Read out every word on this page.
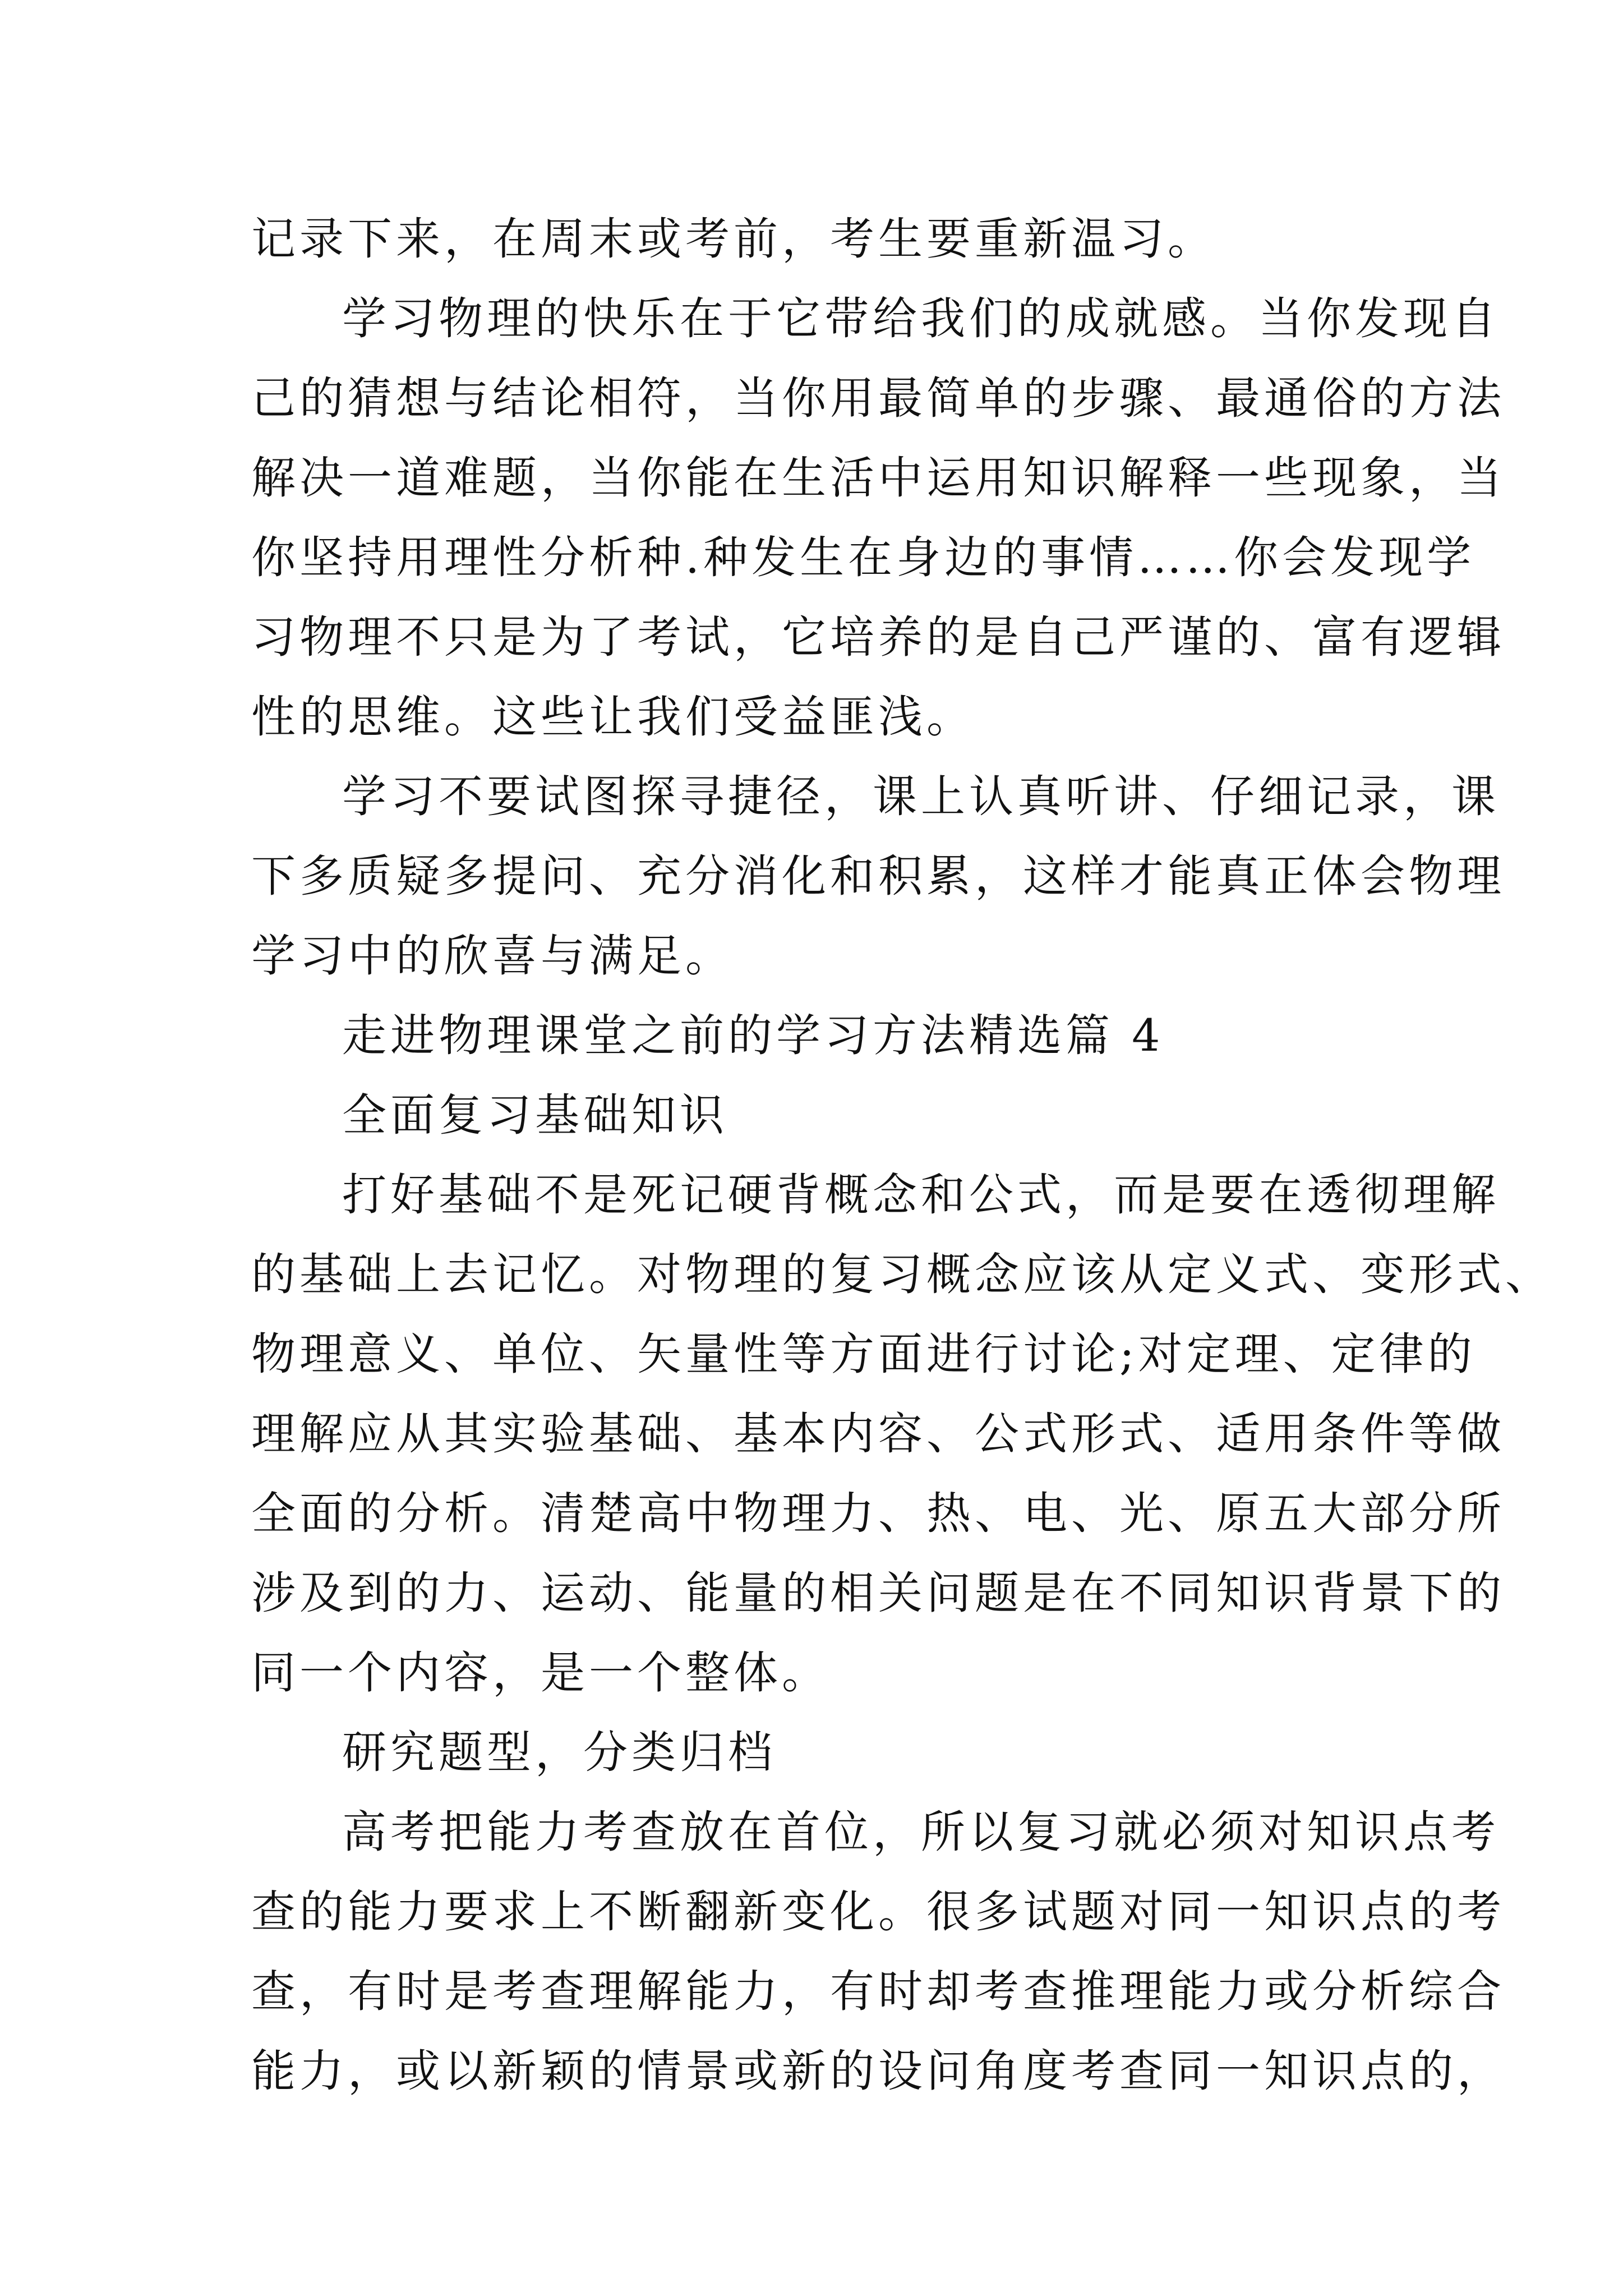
记录下来，在周末或考前，考生要重新温习。
学习物理的快乐在于它带给我们的成就感。当你发现自
己的猜想与结论相符，当你用最简单的步骤、最通俗的方法
解决一道难题，当你能在生活中运用知识解释一些现象，当
你坚持用理性分析种.种发生在身边的事情……你会发现学
习物理不只是为了考试，它培养的是自己严谨的、富有逻辑
性的思维。这些让我们受益匪浅。
学习不要试图探寻捷径，课上认真听讲、仔细记录，课
下多质疑多提问、充分消化和积累，这样才能真正体会物理
学习中的欣喜与满足。
走进物理课堂之前的学习方法精选篇 4
全面复习基础知识
打好基础不是死记硬背概念和公式，而是要在透彻理解
的基础上去记忆。对物理的复习概念应该从定义式、变形式、
物理意义、单位、矢量性等方面进行讨论;对定理、定律的
理解应从其实验基础、基本内容、公式形式、适用条件等做
全面的分析。清楚高中物理力、热、电、光、原五大部分所
涉及到的力、运动、能量的相关问题是在不同知识背景下的
同一个内容，是一个整体。
研究题型，分类归档
高考把能力考查放在首位，所以复习就必须对知识点考
查的能力要求上不断翻新变化。很多试题对同一知识点的考
查，有时是考查理解能力，有时却考查推理能力或分析综合
能力，或以新颖的情景或新的设问角度考查同一知识点的，
